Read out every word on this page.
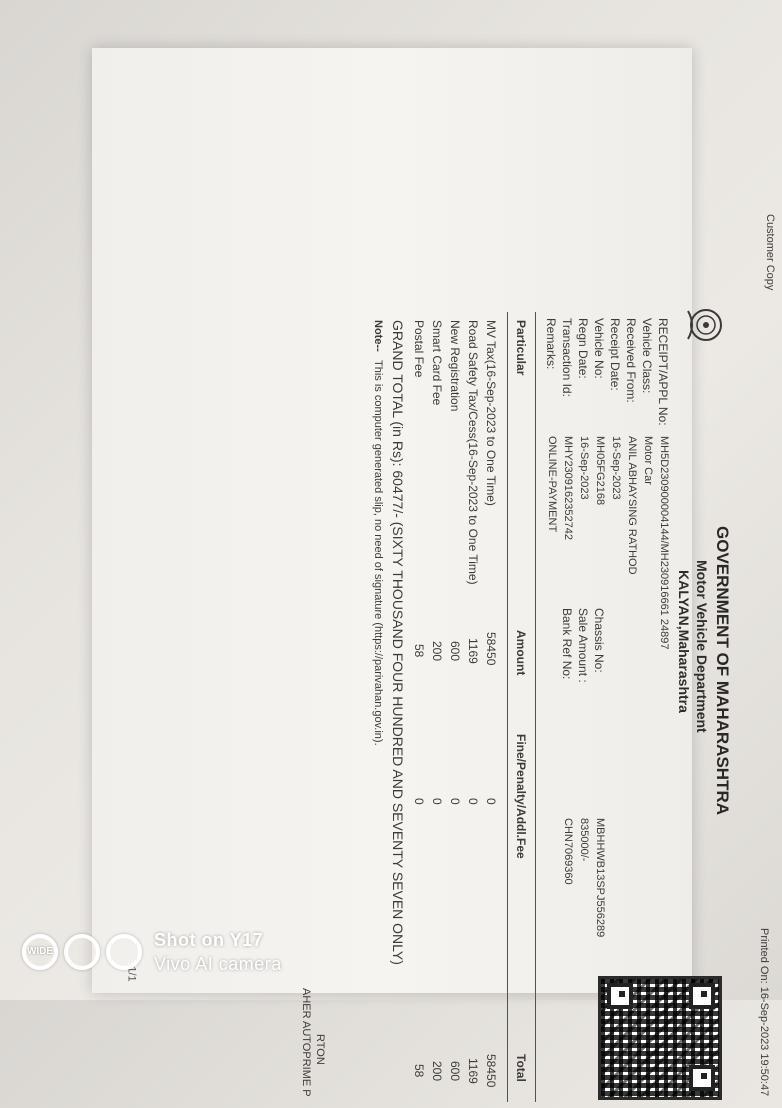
Customer Copy
Printed On: 16-Sep-2023 19:50:47
GOVERNMENT OF MAHARASHTRA
Motor Vehicle Department
KALYAN,Maharashtra
RECEIPT/APPL No:
MH5D230900004144/MH230916661 24897
Vehicle Class:
Motor Car
Received From:
ANIL ABHAYSING RATHOD
Receipt Date:
16-Sep-2023
Vehicle No:
MH05FG2168
Regn Date:
16-Sep-2023
Transaction Id:
MHY2309162352742
Remarks:
ONLINE-PAYMENT
Chassis No:
MBHHWB13SPJ556289
Sale Amount :
835000/-
Bank Ref No:
CHN7069360
Particular
Amount
Fine/Penalty/Addl.Fee
Total
MV Tax(16-Sep-2023 to One Time)
58450
0
58450
Road Safety Tax/Cess(16-Sep-2023 to One Time)
1169
0
1169
New Registration
600
0
600
Smart Card Fee
200
0
200
Postal Fee
58
0
58
GRAND TOTAL (in Rs): 60477/- (SIXTY THOUSAND FOUR HUNDRED AND SEVENTY SEVEN ONLY)
Note--
This is computer generated slip, no need of signature (https://parivahan.gov.in).
RTON
AHER AUTOPRIME P
1/1
WIDE
Shot on Y17
Vivo AI camera
